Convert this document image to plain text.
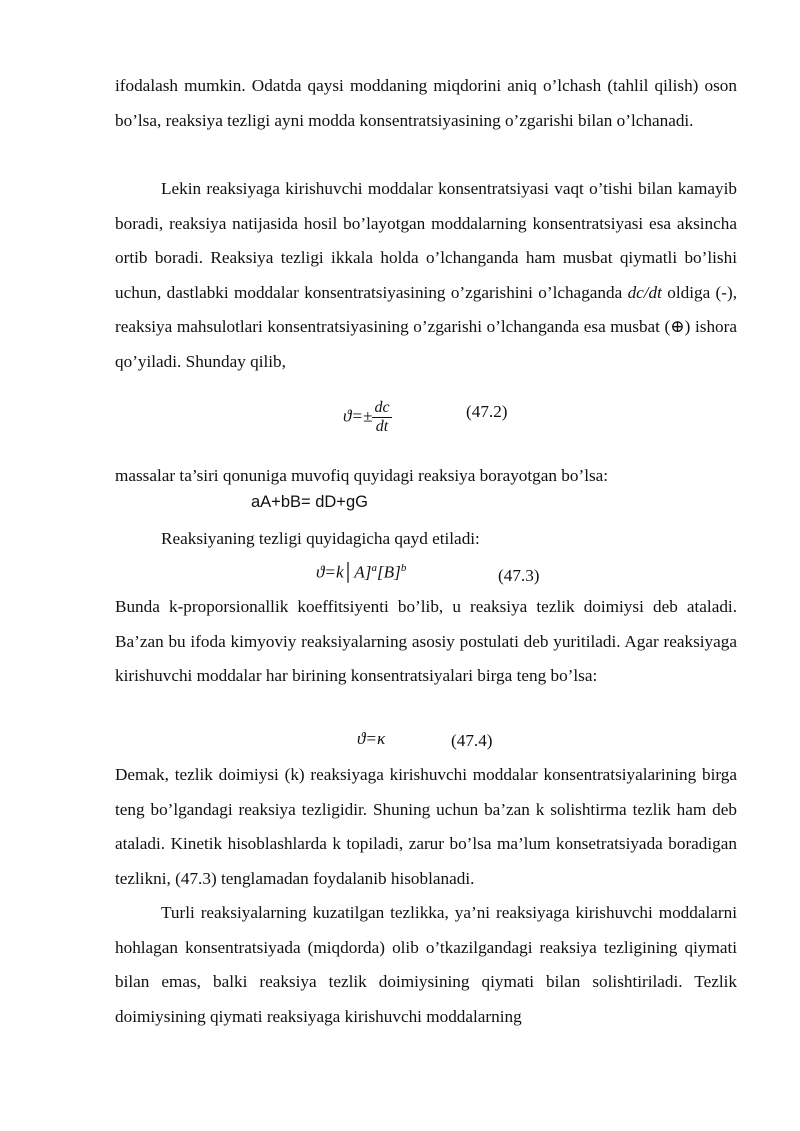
ifodalash mumkin. Odatda qaysi moddaning miqdorini aniq o’lchash (tahlil qilish) oson bo’lsa, reaksiya tezligi ayni modda konsentratsiyasining o’zgarishi bilan o’lchanadi.

Lekin reaksiyaga kirishuvchi moddalar konsentratsiyasi vaqt o’tishi bilan kamayib boradi, reaksiya natijasida hosil bo’layotgan moddalarning konsentratsiyasi esa aksincha ortib boradi. Reaksiya tezligi ikkala holda o’lchanganda ham musbat qiymatli bo’lishi uchun, dastlabki moddalar konsentratsiyasining o’zgarishini o’lchaganda dc/dt oldiga (-), reaksiya mahsulotlari konsentratsiyasining o’zgarishi o’lchanganda esa musbat (⊕) ishora qo’yiladi. Shunday qilib,

$ϑ=\pm \frac{dc}{dt}$	(47.2)

massalar ta’siri qonuniga muvofiq quyidagi reaksiya borayotgan bo’lsa:

aA+bB= dD+gG

Reaksiyaning tezligi quyidagicha qayd etiladi:

$ϑ=k│A]^a[B]^b$	(47.3)

Bunda k-proporsionallik koeffitsiyenti bo’lib, u reaksiya tezlik doimiysi deb ataladi. Ba’zan bu ifoda kimyoviy reaksiyalarning asosiy postulati deb yuritiladi. Agar reaksiyaga kirishuvchi moddalar har birining konsentratsiyalari birga teng bo’lsa:

ϑ=κ	(47.4)

Demak, tezlik doimiysi (k) reaksiyaga kirishuvchi moddalar konsentratsiyalarining birga teng bo’lgandagi reaksiya tezligidir. Shuning uchun ba’zan k solishtirma tezlik ham deb ataladi. Kinetik hisoblashlarda k topiladi, zarur bo’lsa ma’lum konsetratsiyada boradigan tezlikni, (47.3) tenglamadan foydalanib hisoblanadi.

Turli reaksiyalarning kuzatilgan tezlikka, ya’ni reaksiyaga kirishuvchi moddalarni hohlagan konsentratsiyada (miqdorda) olib o’tkazilgandagi reaksiya tezligining qiymati bilan emas, balki reaksiya tezlik doimiysining qiymati bilan solishtiriladi. Tezlik doimiysining qiymati reaksiyaga kirishuvchi moddalarning
